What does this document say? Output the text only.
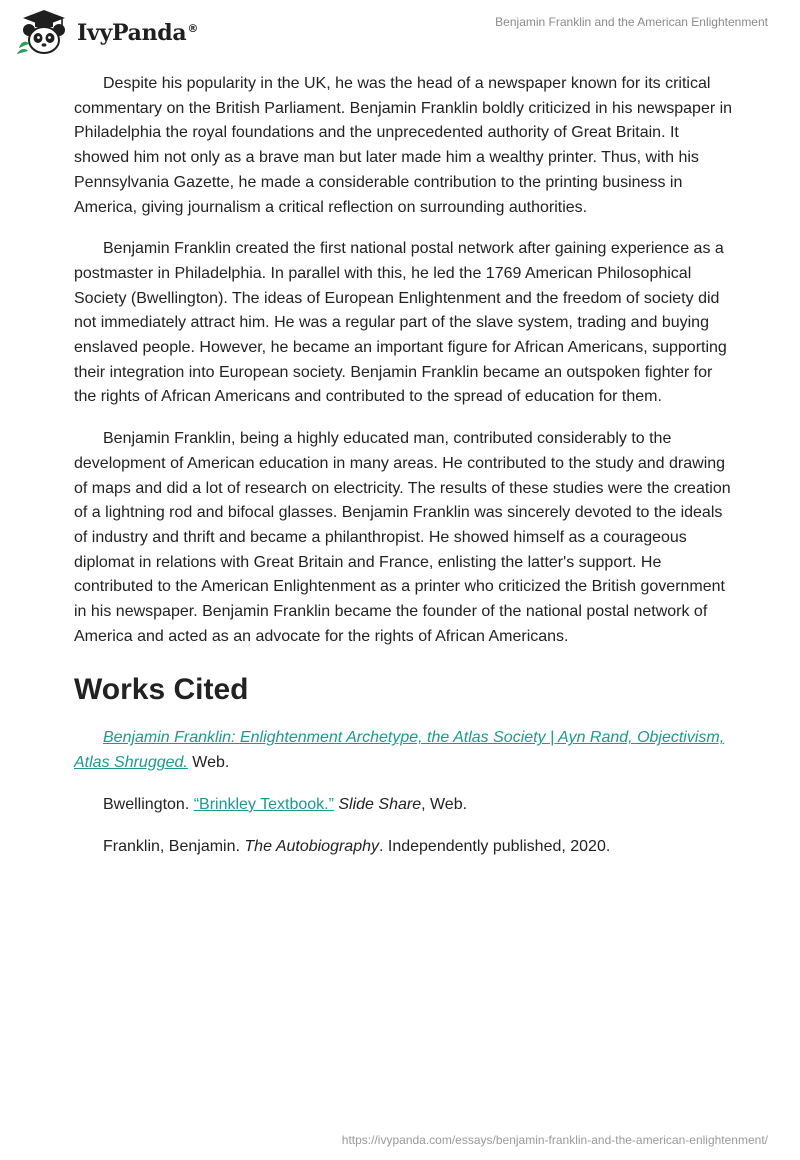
IvyPanda®	Benjamin Franklin and the American Enlightenment

Despite his popularity in the UK, he was the head of a newspaper known for its critical commentary on the British Parliament. Benjamin Franklin boldly criticized in his newspaper in Philadelphia the royal foundations and the unprecedented authority of Great Britain. It showed him not only as a brave man but later made him a wealthy printer. Thus, with his Pennsylvania Gazette, he made a considerable contribution to the printing business in America, giving journalism a critical reflection on surrounding authorities.

Benjamin Franklin created the first national postal network after gaining experience as a postmaster in Philadelphia. In parallel with this, he led the 1769 American Philosophical Society (Bwellington). The ideas of European Enlightenment and the freedom of society did not immediately attract him. He was a regular part of the slave system, trading and buying enslaved people. However, he became an important figure for African Americans, supporting their integration into European society. Benjamin Franklin became an outspoken fighter for the rights of African Americans and contributed to the spread of education for them.

Benjamin Franklin, being a highly educated man, contributed considerably to the development of American education in many areas. He contributed to the study and drawing of maps and did a lot of research on electricity. The results of these studies were the creation of a lightning rod and bifocal glasses. Benjamin Franklin was sincerely devoted to the ideals of industry and thrift and became a philanthropist. He showed himself as a courageous diplomat in relations with Great Britain and France, enlisting the latter's support. He contributed to the American Enlightenment as a printer who criticized the British government in his newspaper. Benjamin Franklin became the founder of the national postal network of America and acted as an advocate for the rights of African Americans.

Works Cited

Benjamin Franklin: Enlightenment Archetype, the Atlas Society | Ayn Rand, Objectivism, Atlas Shrugged. Web.

Bwellington. “Brinkley Textbook.” Slide Share, Web.

Franklin, Benjamin. The Autobiography. Independently published, 2020.

https://ivypanda.com/essays/benjamin-franklin-and-the-american-enlightenment/
